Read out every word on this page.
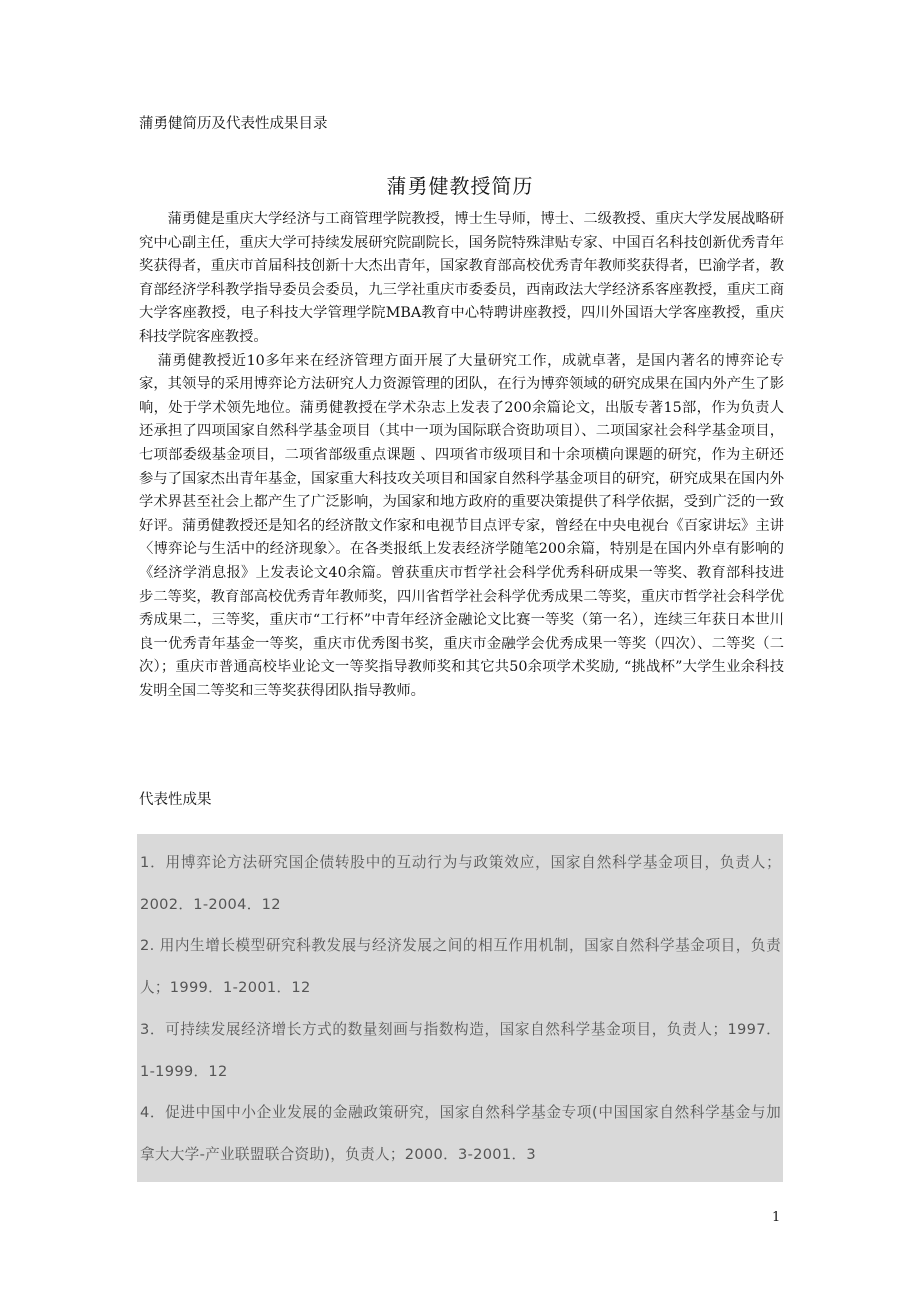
蒲勇健简历及代表性成果目录
蒲勇健教授简历

蒲勇健是重庆大学经济与工商管理学院教授，博士生导师，博士、二级教授、重庆大学发展战略研究中心副主任，重庆大学可持续发展研究院副院长，国务院特殊津贴专家、中国百名科技创新优秀青年奖获得者，重庆市首届科技创新十大杰出青年，国家教育部高校优秀青年教师奖获得者，巴渝学者，教育部经济学科教学指导委员会委员，九三学社重庆市委委员，西南政法大学经济系客座教授，重庆工商大学客座教授，电子科技大学管理学院MBA教育中心特聘讲座教授，四川外国语大学客座教授，重庆科技学院客座教授。

蒲勇健教授近10多年来在经济管理方面开展了大量研究工作，成就卓著，是国内著名的博弈论专家，其领导的采用博弈论方法研究人力资源管理的团队，在行为博弈领域的研究成果在国内外产生了影响，处于学术领先地位。蒲勇健教授在学术杂志上发表了200余篇论文，出版专著15部，作为负责人还承担了四项国家自然科学基金项目（其中一项为国际联合资助项目）、二项国家社会科学基金项目，七项部委级基金项目，二项省部级重点课题 、四项省市级项目和十余项横向课题的研究，作为主研还参与了国家杰出青年基金，国家重大科技攻关项目和国家自然科学基金项目的研究，研究成果在国内外学术界甚至社会上都产生了广泛影响，为国家和地方政府的重要决策提供了科学依据，受到广泛的一致好评。蒲勇健教授还是知名的经济散文作家和电视节目点评专家，曾经在中央电视台《百家讲坛》主讲〈博弈论与生活中的经济现象〉。在各类报纸上发表经济学随笔200余篇，特别是在国内外卓有影响的《经济学消息报》上发表论文40余篇。曾获重庆市哲学社会科学优秀科研成果一等奖、教育部科技进步二等奖，教育部高校优秀青年教师奖，四川省哲学社会科学优秀成果二等奖，重庆市哲学社会科学优秀成果二，三等奖，重庆市“工行杯”中青年经济金融论文比赛一等奖（第一名），连续三年获日本世川良一优秀青年基金一等奖，重庆市优秀图书奖，重庆市金融学会优秀成果一等奖（四次）、二等奖（二次）；重庆市普通高校毕业论文一等奖指导教师奖和其它共50余项学术奖励, “挑战杯”大学生业余科技发明全国二等奖和三等奖获得团队指导教师。

代表性成果
1．用博弈论方法研究国企债转股中的互动行为与政策效应，国家自然科学基金项目，负责人；2002．1-2004．12
2. 用内生增长模型研究科教发展与经济发展之间的相互作用机制，国家自然科学基金项目，负责人；1999．1-2001．12
3．可持续发展经济增长方式的数量刻画与指数构造，国家自然科学基金项目，负责人；1997．1-1999．12
4．促进中国中小企业发展的金融政策研究，国家自然科学基金专项(中国国家自然科学基金与加拿大大学-产业联盟联合资助)，负责人；2000．3-2001．3
1
